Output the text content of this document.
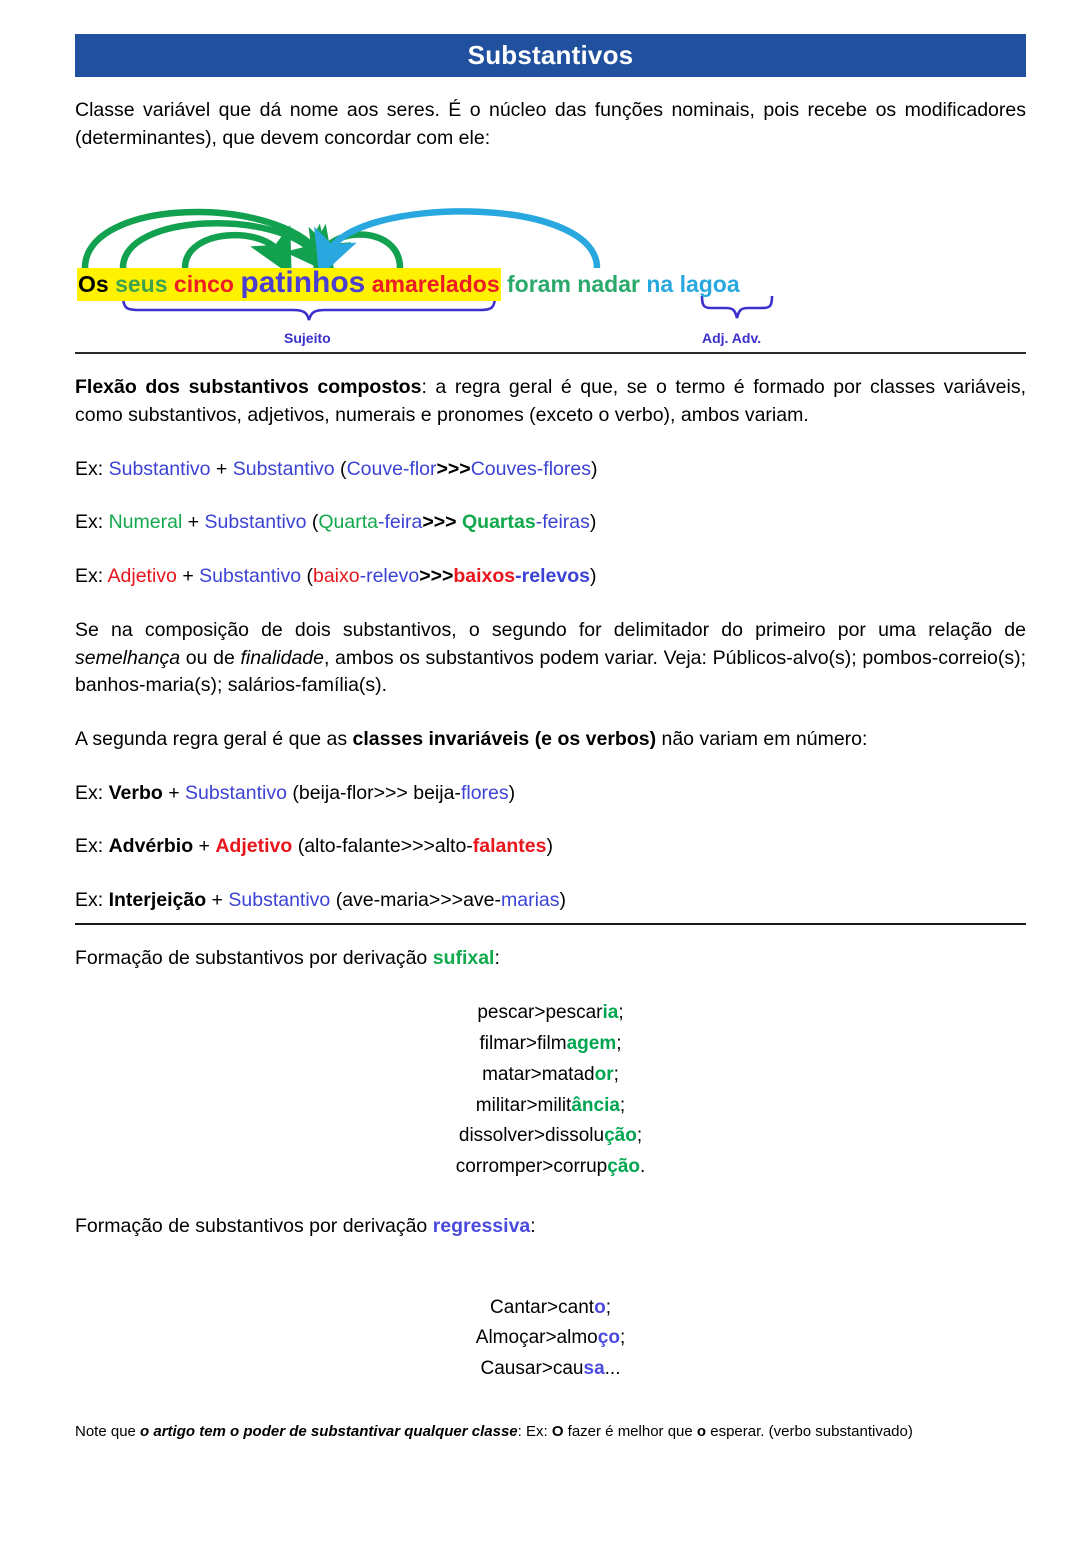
Substantivos

Classe variável que dá nome aos seres. É o núcleo das funções nominais, pois recebe os modificadores (determinantes), que devem concordar com ele:

Os seus cinco patinhos amarelados foram nadar na lagoa
Sujeito	Adj. Adv.

Flexão dos substantivos compostos: a regra geral é que, se o termo é formado por classes variáveis, como substantivos, adjetivos, numerais e pronomes (exceto o verbo), ambos variam.

Ex: Substantivo + Substantivo (Couve-flor>>>Couves-flores)

Ex: Numeral + Substantivo (Quarta-feira>>> Quartas-feiras)

Ex: Adjetivo + Substantivo (baixo-relevo>>>baixos-relevos)

Se na composição de dois substantivos, o segundo for delimitador do primeiro por uma relação de semelhança ou de finalidade, ambos os substantivos podem variar. Veja: Públicos-alvo(s); pombos-correio(s); banhos-maria(s); salários-família(s).

A segunda regra geral é que as classes invariáveis (e os verbos) não variam em número:

Ex: Verbo + Substantivo (beija-flor>>> beija-flores)

Ex: Advérbio + Adjetivo (alto-falante>>>alto-falantes)

Ex: Interjeição + Substantivo (ave-maria>>>ave-marias)

Formação de substantivos por derivação sufixal:

pescar>pescaria;
filmar>filmagem;
matar>matador;
militar>militância;
dissolver>dissolução;
corromper>corrupção.

Formação de substantivos por derivação regressiva:

Cantar>canto;
Almoçar>almoço;
Causar>causa...
Note que o artigo tem o poder de substantivar qualquer classe: Ex: O fazer é melhor que o esperar. (verbo substantivado)
